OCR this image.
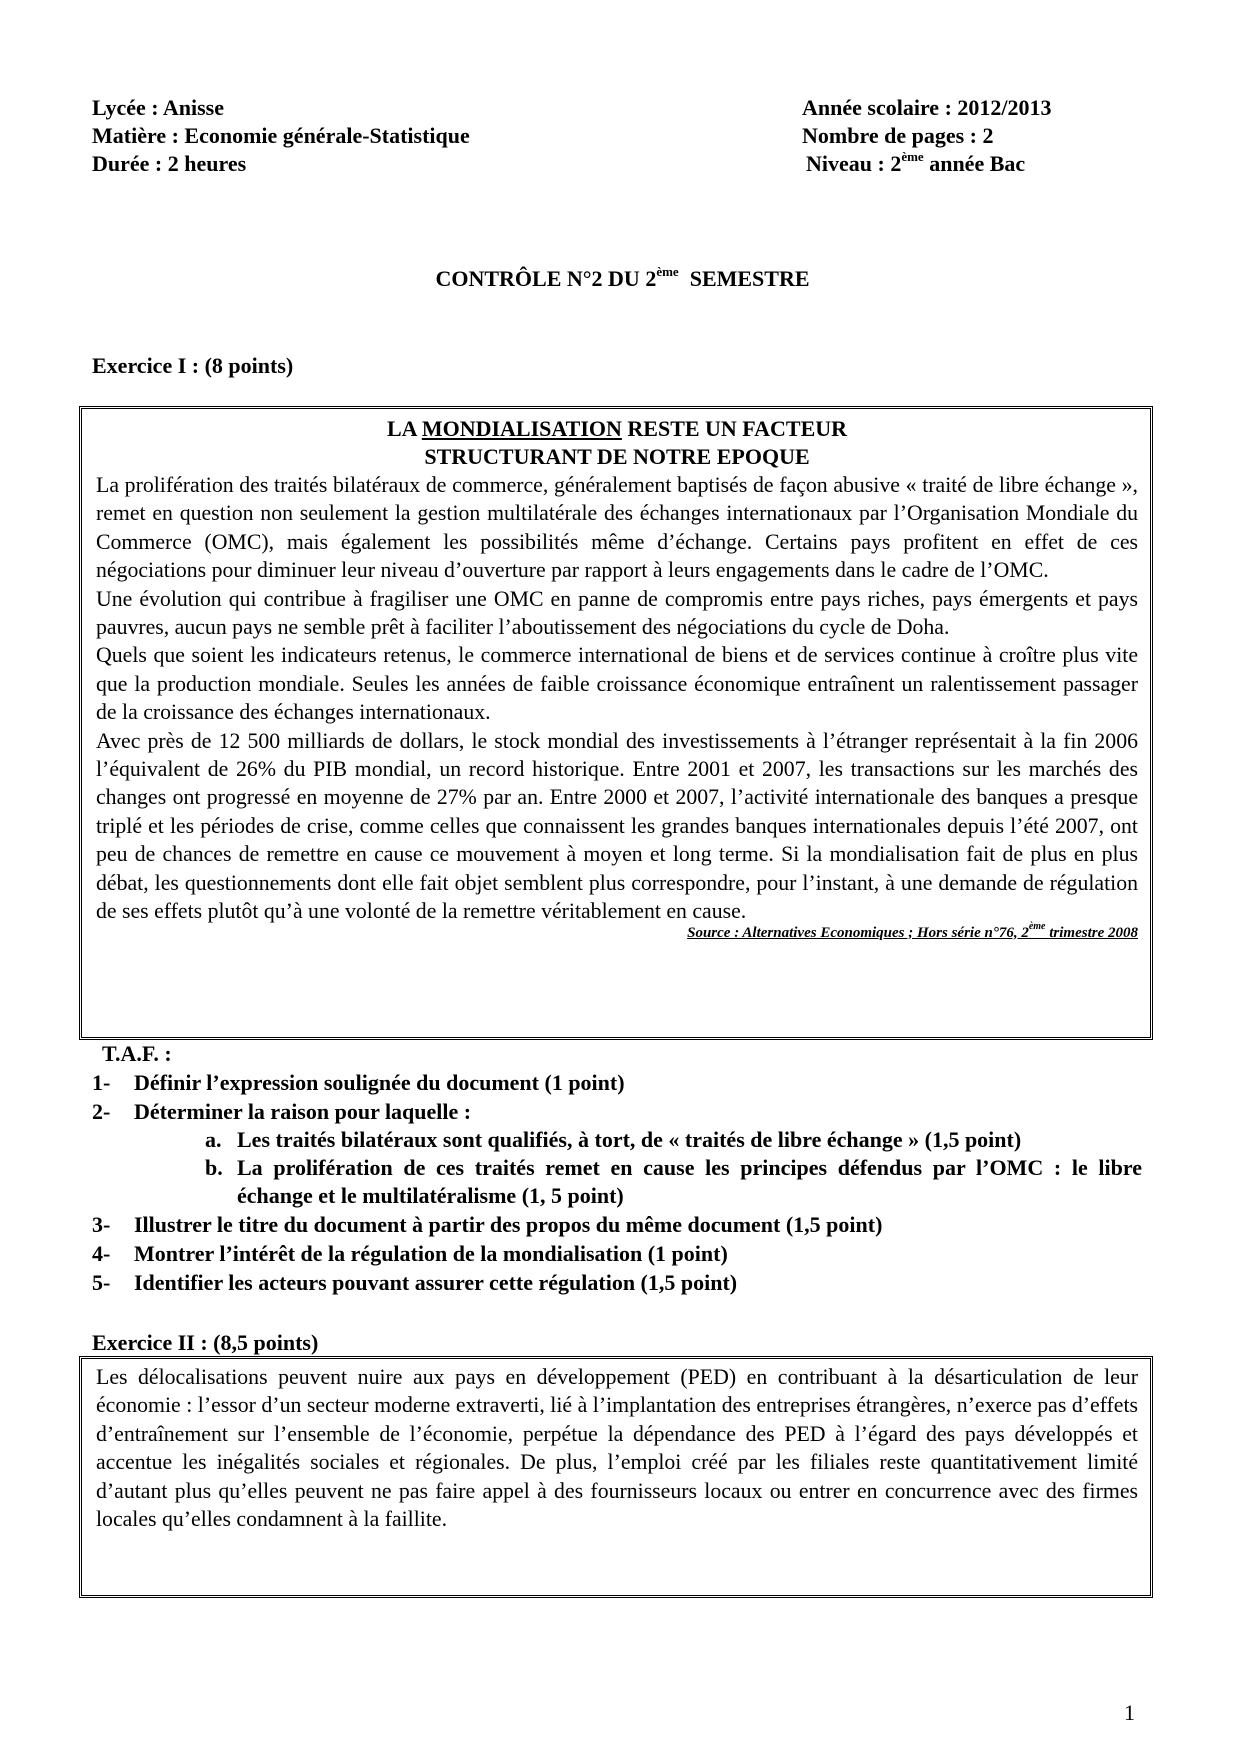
Lycée : Anisse
Matière : Economie générale-Statistique
Durée : 2 heures
Année scolaire : 2012/2013
Nombre de pages : 2
Niveau : 2ème année Bac
CONTRÔLE N°2 DU 2ème  SEMESTRE
Exercice I : (8 points)
LA MONDIALISATION RESTE UN FACTEUR
STRUCTURANT DE NOTRE EPOQUE

La prolifération des traités bilatéraux de commerce, généralement baptisés de façon abusive « traité de libre échange », remet en question non seulement la gestion multilatérale des échanges internationaux par l’Organisation Mondiale du Commerce (OMC), mais également les possibilités même d’échange. Certains pays profitent en effet de ces négociations pour diminuer leur niveau d’ouverture par rapport à leurs engagements dans le cadre de l’OMC.

Une évolution qui contribue à fragiliser une OMC en panne de compromis entre pays riches, pays émergents et pays pauvres, aucun pays ne semble prêt à faciliter l’aboutissement des négociations du cycle de Doha.

Quels que soient les indicateurs retenus, le commerce international de biens et de services continue à croître plus vite que la production mondiale. Seules les années de faible croissance économique entraînent un ralentissement passager de la croissance des échanges internationaux.

Avec près de 12 500 milliards de dollars, le stock mondial des investissements à l’étranger représentait à la fin 2006 l’équivalent de 26% du PIB mondial, un record historique. Entre 2001 et 2007, les transactions sur les marchés des changes ont progressé en moyenne de 27% par an. Entre 2000 et 2007, l’activité internationale des banques a presque triplé et les périodes de crise, comme celles que connaissent les grandes banques internationales depuis l’été 2007, ont peu de chances de remettre en cause ce mouvement à moyen et long terme. Si la mondialisation fait de plus en plus débat, les questionnements dont elle fait objet semblent plus correspondre, pour l’instant, à une demande de régulation de ses effets plutôt qu’à une volonté de la remettre véritablement en cause.

Source : Alternatives Economiques ; Hors série n°76, 2ème trimestre 2008
T.A.F. :
1- Définir l’expression soulignée du document (1 point)
2- Déterminer la raison pour laquelle :
a. Les traités bilatéraux sont qualifiés, à tort, de « traités de libre échange » (1,5 point)
b. La prolifération de ces traités remet en cause les principes défendus par l’OMC : le libre échange et le multilatéralisme (1, 5 point)
3- Illustrer le titre du document à partir des propos du même document (1,5 point)
4- Montrer l’intérêt de la régulation de la mondialisation (1 point)
5- Identifier les acteurs pouvant assurer cette régulation (1,5 point)
Exercice II : (8,5 points)

Les délocalisations peuvent nuire aux pays en développement (PED) en contribuant à la désarticulation de leur économie : l’essor d’un secteur moderne extraverti, lié à l’implantation des entreprises étrangères, n’exerce pas d’effets d’entraînement sur l’ensemble de l’économie, perpétue la dépendance des PED à l’égard des pays développés et accentue les inégalités sociales et régionales. De plus, l’emploi créé par les filiales reste quantitativement limité d’autant plus qu’elles peuvent ne pas faire appel à des fournisseurs locaux ou entrer en concurrence avec des firmes locales qu’elles condamnent à la faillite.

1
